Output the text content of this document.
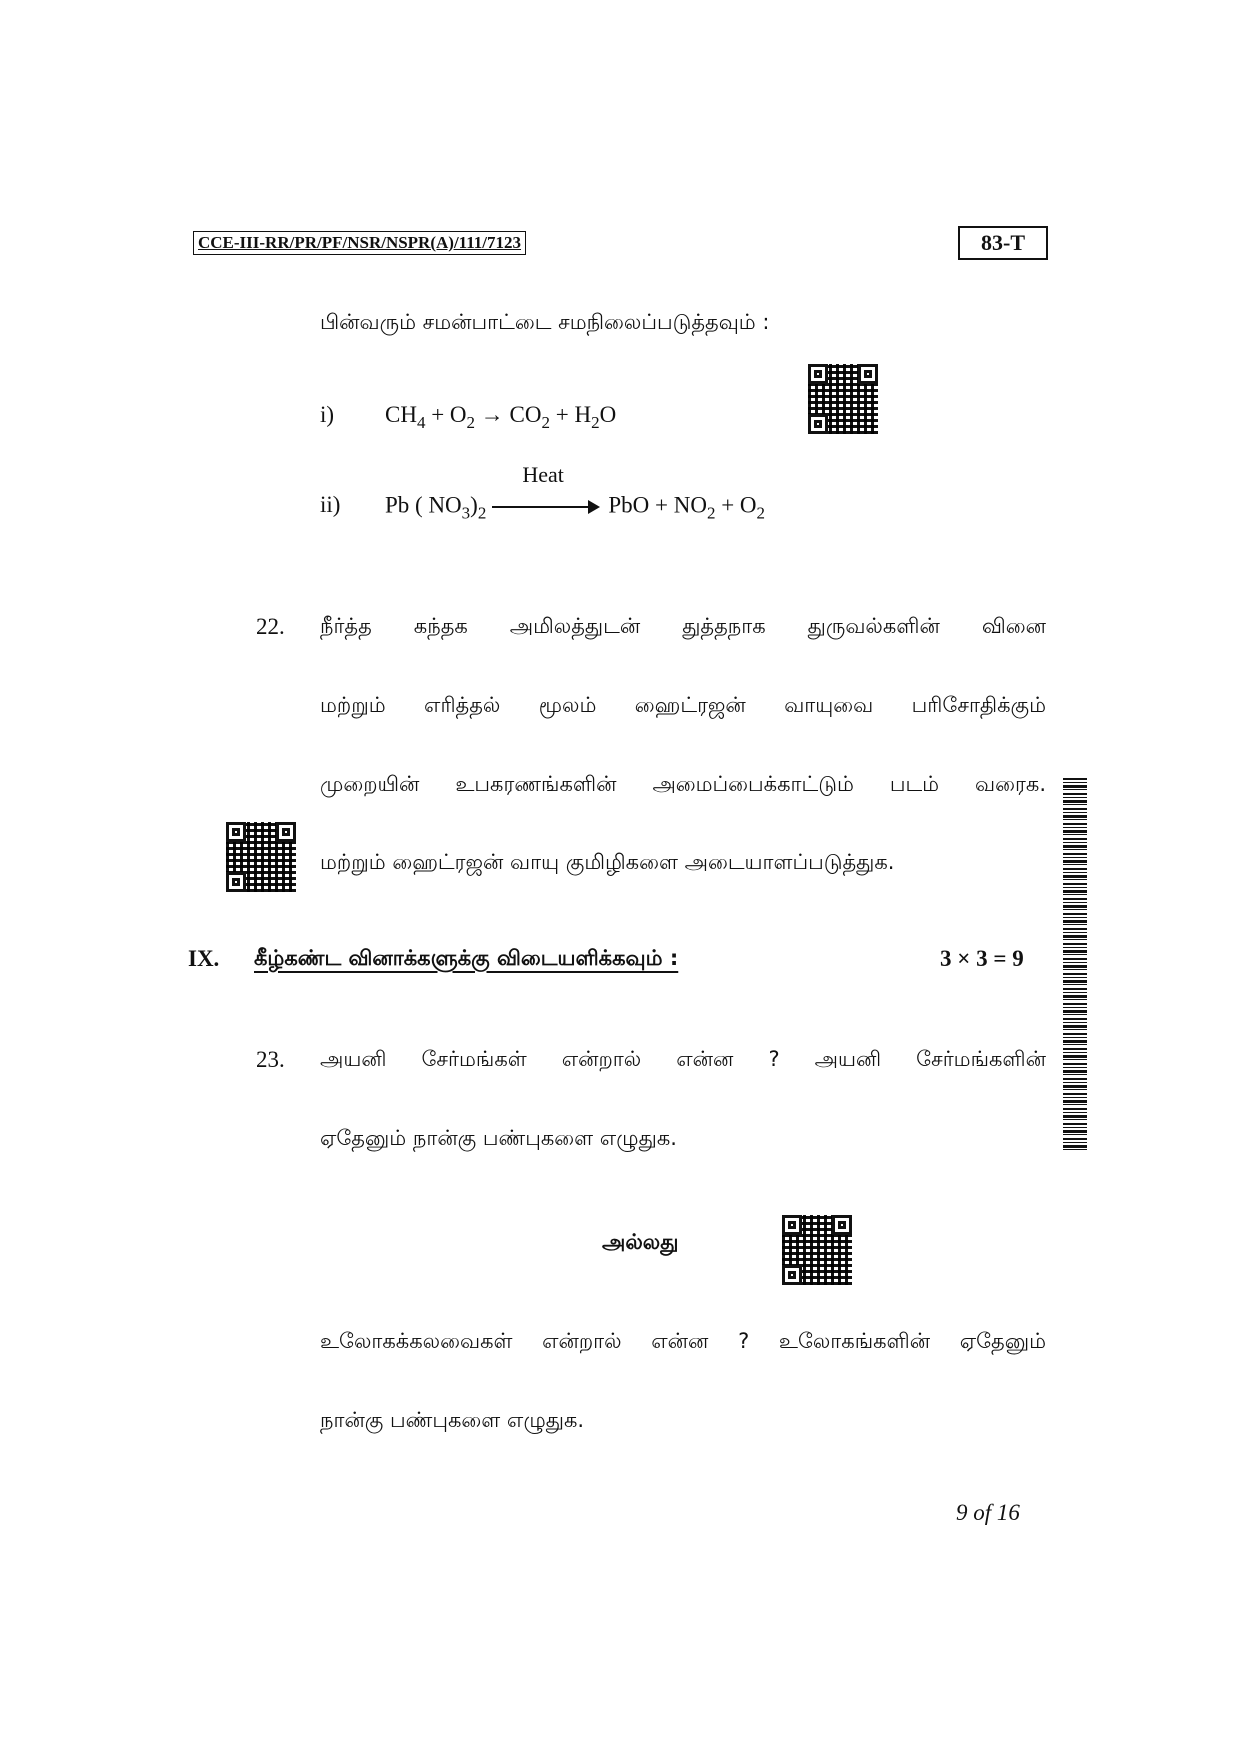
CCE-III-RR/PR/PF/NSR/NSPR(A)/111/7123	83-T
பின்வரும் சமன்பாட்டை சமநிலைப்படுத்தவும் :
i) $CH_4 + O_2 \to CO_2 + H_2O$
ii) Pb ( $NO_3)_2$
Heat
PbO + $NO_2 + O_2$
22. நீர்த்த கந்தக அமிலத்துடன் துத்தநாக துருவல்களின் வினை
மற்றும் எரித்தல் மூலம் ஹைட்ரஜன் வாயுவை பரிசோதிக்கும்
முறையின் உபகரணங்களின் அமைப்பைக்காட்டும் படம் வரைக.
மற்றும் ஹைட்ரஜன் வாயு குமிழிகளை அடையாளப்படுத்துக.
IX. கீழ்கண்ட வினாக்களுக்கு விடையளிக்கவும் :	3 × 3 = 9
23. அயனி சேர்மங்கள் என்றால் என்ன ? அயனி சேர்மங்களின்
ஏதேனும் நான்கு பண்புகளை எழுதுக.
அல்லது
உலோகக்கலவைகள் என்றால் என்ன ? உலோகங்களின் ஏதேனும்
நான்கு பண்புகளை எழுதுக.
9 of 16
